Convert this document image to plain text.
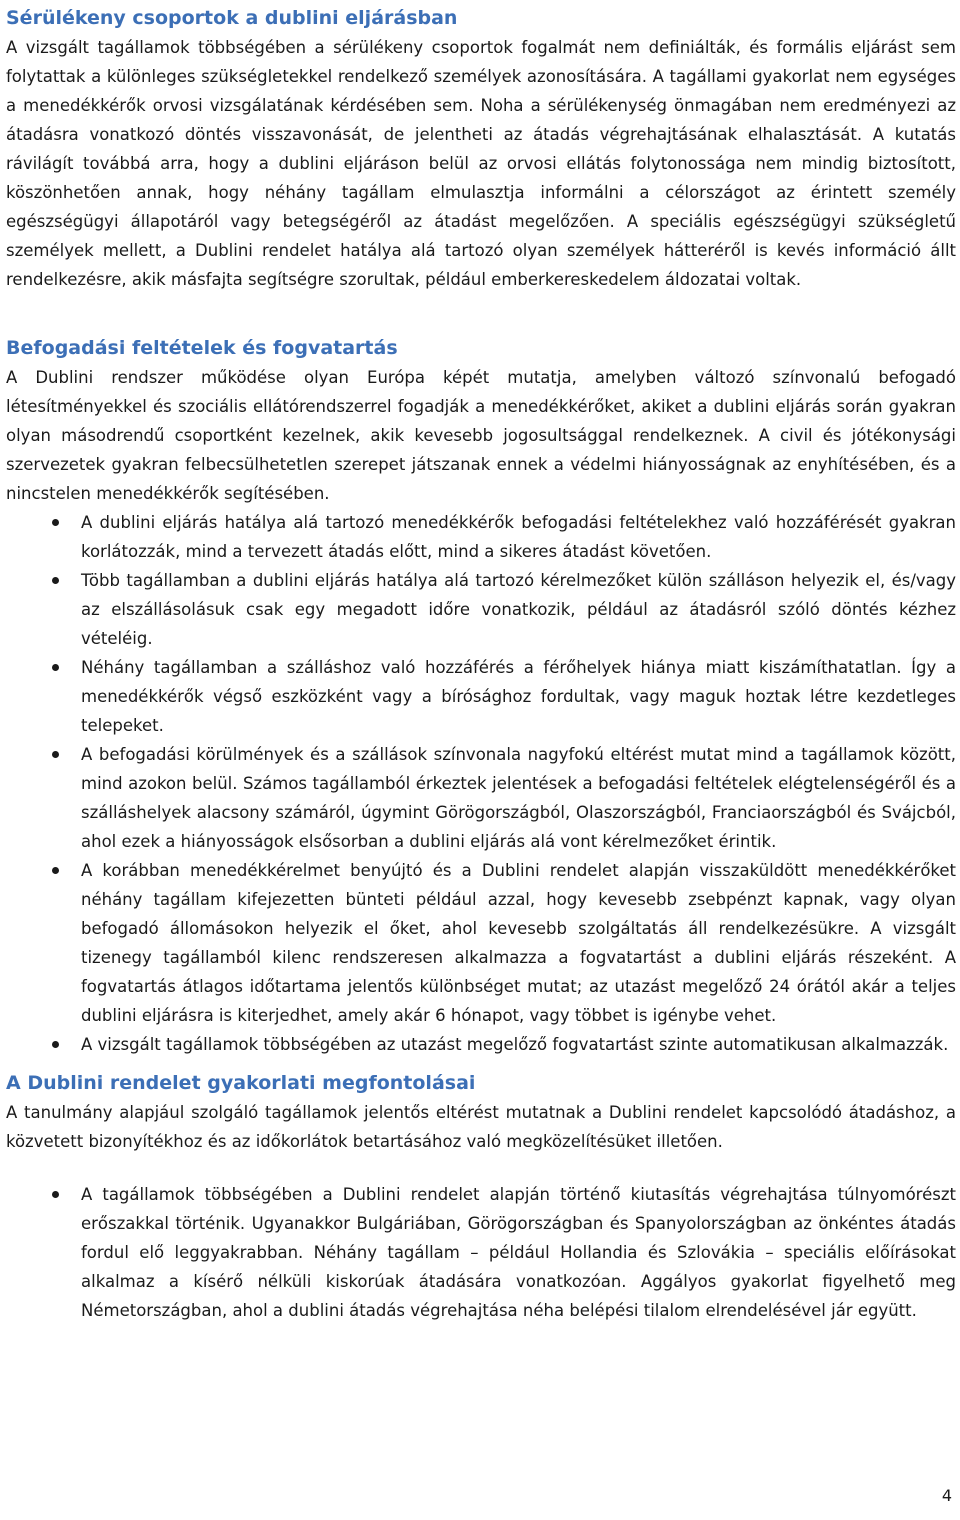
Sérülékeny csoportok a dublini eljárásban

A vizsgált tagállamok többségében a sérülékeny csoportok fogalmát nem definiálták, és formális eljárást sem folytattak a különleges szükségletekkel rendelkező személyek azonosítására. A tagállami gyakorlat nem egységes a menedékkérők orvosi vizsgálatának kérdésében sem. Noha a sérülékenység önmagában nem eredményezi az átadásra vonatkozó döntés visszavonását, de jelentheti az átadás végrehajtásának elhalasztását. A kutatás rávilágít továbbá arra, hogy a dublini eljáráson belül az orvosi ellátás folytonossága nem mindig biztosított, köszönhetően annak, hogy néhány tagállam elmulasztja informálni a célországot az érintett személy egészségügyi állapotáról vagy betegségéről az átadást megelőzően. A speciális egészségügyi szükségletű személyek mellett, a Dublini rendelet hatálya alá tartozó olyan személyek hátteréről is kevés információ állt rendelkezésre, akik másfajta segítségre szorultak, például emberkereskedelem áldozatai voltak.

Befogadási feltételek és fogvatartás

A Dublini rendszer működése olyan Európa képét mutatja, amelyben változó színvonalú befogadó létesítményekkel és szociális ellátórendszerrel fogadják a menedékkérőket, akiket a dublini eljárás során gyakran olyan másodrendű csoportként kezelnek, akik kevesebb jogosultsággal rendelkeznek. A civil és jótékonysági szervezetek gyakran felbecsülhetetlen szerepet játszanak ennek a védelmi hiányosságnak az enyhítésében, és a nincstelen menedékkérők segítésében.

A dublini eljárás hatálya alá tartozó menedékkérők befogadási feltételekhez való hozzáférését gyakran korlátozzák, mind a tervezett átadás előtt, mind a sikeres átadást követően.
Több tagállamban a dublini eljárás hatálya alá tartozó kérelmezőket külön szálláson helyezik el, és/vagy az elszállásolásuk csak egy megadott időre vonatkozik, például az átadásról szóló döntés kézhez vételéig.
Néhány tagállamban a szálláshoz való hozzáférés a férőhelyek hiánya miatt kiszámíthatatlan. Így a menedékkérők végső eszközként vagy a bírósághoz fordultak, vagy maguk hoztak létre kezdetleges telepeket.
A befogadási körülmények és a szállások színvonala nagyfokú eltérést mutat mind a tagállamok között, mind azokon belül. Számos tagállamból érkeztek jelentések a befogadási feltételek elégtelenségéről és a szálláshelyek alacsony számáról, úgymint Görögországból, Olaszországból, Franciaországból és Svájcból, ahol ezek a hiányosságok elsősorban a dublini eljárás alá vont kérelmezőket érintik.
A korábban menedékkérelmet benyújtó és a Dublini rendelet alapján visszaküldött menedékkérőket néhány tagállam kifejezetten bünteti például azzal, hogy kevesebb zsebpénzt kapnak, vagy olyan befogadó állomásokon helyezik el őket, ahol kevesebb szolgáltatás áll rendelkezésükre. A vizsgált tizenegy tagállamból kilenc rendszeresen alkalmazza a fogvatartást a dublini eljárás részeként. A fogvatartás átlagos időtartama jelentős különbséget mutat; az utazást megelőző 24 órától akár a teljes dublini eljárásra is kiterjedhet, amely akár 6 hónapot, vagy többet is igénybe vehet.
A vizsgált tagállamok többségében az utazást megelőző fogvatartást szinte automatikusan alkalmazzák.
A Dublini rendelet gyakorlati megfontolásai

A tanulmány alapjául szolgáló tagállamok jelentős eltérést mutatnak a Dublini rendelet kapcsolódó átadáshoz, a közvetett bizonyítékhoz és az időkorlátok betartásához való megközelítésüket illetően.

A tagállamok többségében a Dublini rendelet alapján történő kiutasítás végrehajtása túlnyomórészt erőszakkal történik. Ugyanakkor Bulgáriában, Görögországban és Spanyolországban az önkéntes átadás fordul elő leggyakrabban. Néhány tagállam – például Hollandia és Szlovákia – speciális előírásokat alkalmaz a kísérő nélküli kiskorúak átadására vonatkozóan. Aggályos gyakorlat figyelhető meg Németországban, ahol a dublini átadás végrehajtása néha belépési tilalom elrendelésével jár együtt.
4
